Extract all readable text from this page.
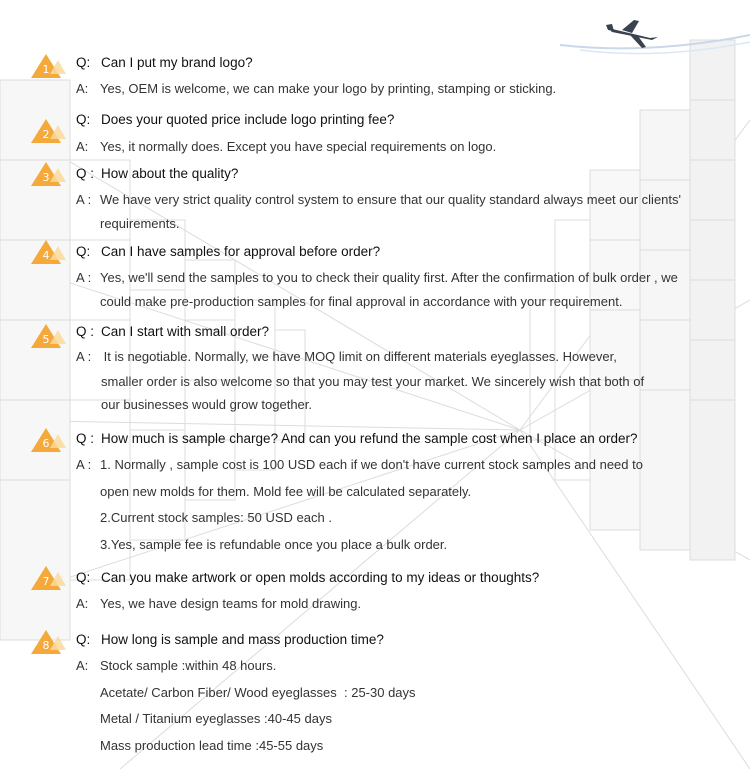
1	Q: Can I put my brand logo?
A: Yes, OEM is welcome, we can make your logo by printing, stamping or sticking.
2
Q: Does your quoted price include logo printing fee?
A: Yes, it normally does. Except you have special requirements on logo.
3	Q : How about the quality?
A : We have very strict quality control system to ensure that our quality standard always meet our clients'
requirements.
4	Q: Can I have samples for approval before order?
A : Yes, we'll send the samples to you to check their quality first. After the confirmation of bulk order , we
could make pre-production samples for final approval in accordance with your requirement.
5
Q : Can I start with small order?
A : It is negotiable. Normally, we have MOQ limit on different materials eyeglasses. However,
smaller order is also welcome so that you may test your market. We sincerely wish that both of
our businesses would grow together.
6	Q : How much is sample charge? And can you refund the sample cost when I place an order?
A : 1. Normally , sample cost is 100 USD each if we don't have current stock samples and need to
open new molds for them. Mold fee will be calculated separately.
2.Current stock samples: 50 USD each .
3.Yes, sample fee is refundable once you place a bulk order.
7	Q: Can you make artwork or open molds according to my ideas or thoughts?
A: Yes, we have design teams for mold drawing.
8	Q: How long is sample and mass production time?
A: Stock sample :within 48 hours.
Acetate/ Carbon Fiber/ Wood eyeglasses  : 25-30 days
Metal / Titanium eyeglasses :40-45 days
Mass production lead time :45-55 days
